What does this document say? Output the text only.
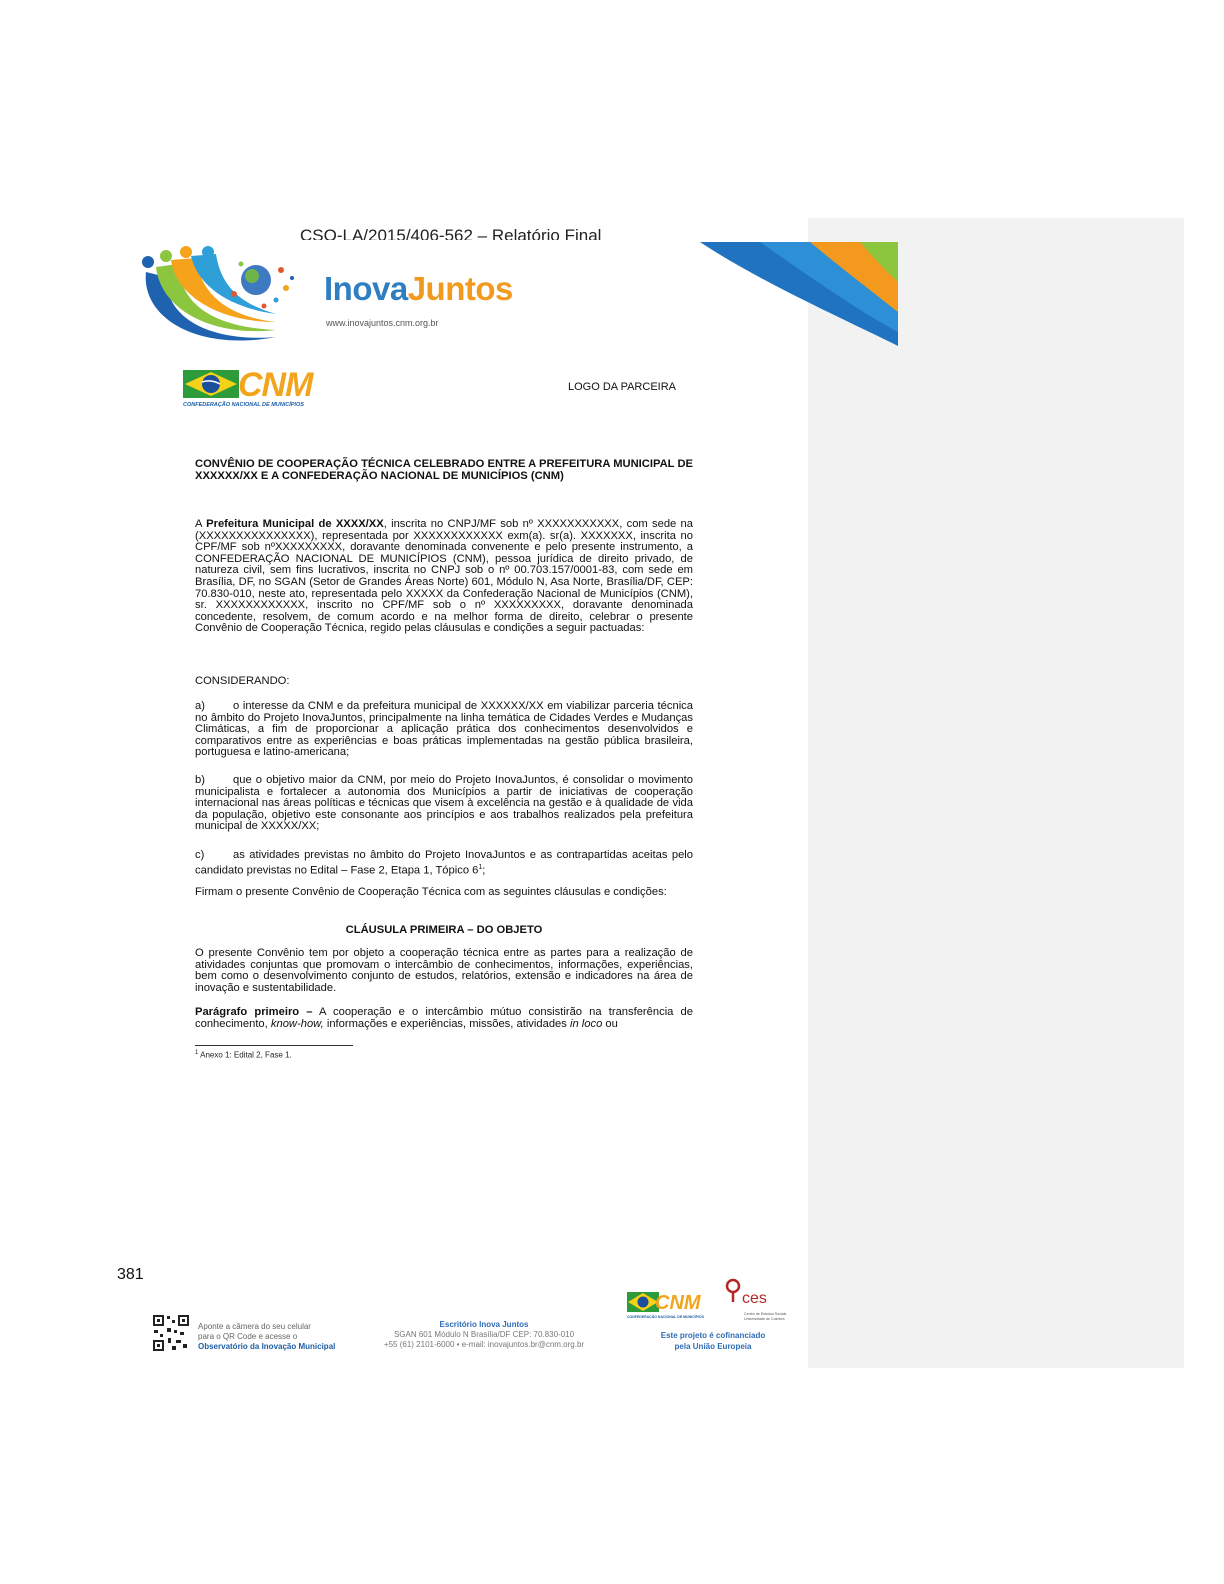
CSO-LA/2015/406-562 – Relatório Final
InovaJuntos
www.inovajuntos.cnm.org.br
CNM
CONFEDERAÇÃO NACIONAL DE MUNICÍPIOS
LOGO DA PARCEIRA
CONVÊNIO DE COOPERAÇÃO TÉCNICA CELEBRADO ENTRE A PREFEITURA MUNICIPAL DE XXXXXX/XX E A CONFEDERAÇÃO NACIONAL DE MUNICÍPIOS (CNM)
A Prefeitura Municipal de XXXX/XX, inscrita no CNPJ/MF sob nº XXXXXXXXXXX, com sede na (XXXXXXXXXXXXXXX), representada por XXXXXXXXXXXX exm(a). sr(a). XXXXXXX, inscrita no CPF/MF sob nºXXXXXXXXX, doravante denominada convenente e pelo presente instrumento, a CONFEDERAÇÃO NACIONAL DE MUNICÍPIOS (CNM), pessoa jurídica de direito privado, de natureza civil, sem fins lucrativos, inscrita no CNPJ sob o nº 00.703.157/0001-83, com sede em Brasília, DF, no SGAN (Setor de Grandes Áreas Norte) 601, Módulo N, Asa Norte, Brasília/DF, CEP: 70.830-010, neste ato, representada pelo XXXXX da Confederação Nacional de Municípios (CNM), sr. XXXXXXXXXXXX, inscrito no CPF/MF sob o nº XXXXXXXXX, doravante denominada concedente, resolvem, de comum acordo e na melhor forma de direito, celebrar o presente Convênio de Cooperação Técnica, regido pelas cláusulas e condições a seguir pactuadas:
CONSIDERANDO:
a)	o interesse da CNM e da prefeitura municipal de XXXXXX/XX em viabilizar parceria técnica no âmbito do Projeto InovaJuntos, principalmente na linha temática de Cidades Verdes e Mudanças Climáticas, a fim de proporcionar a aplicação prática dos conhecimentos desenvolvidos e comparativos entre as experiências e boas práticas implementadas na gestão pública brasileira, portuguesa e latino-americana;
b)	que o objetivo maior da CNM, por meio do Projeto InovaJuntos, é consolidar o movimento municipalista e fortalecer a autonomia dos Municípios a partir de iniciativas de cooperação internacional nas áreas políticas e técnicas que visem à excelência na gestão e à qualidade de vida da população, objetivo este consonante aos princípios e aos trabalhos realizados pela prefeitura municipal de XXXXX/XX;
c)	as atividades previstas no âmbito do Projeto InovaJuntos e as contrapartidas aceitas pelo candidato previstas no Edital – Fase 2, Etapa 1, Tópico $6^1$;
Firmam o presente Convênio de Cooperação Técnica com as seguintes cláusulas e condições:
CLÁUSULA PRIMEIRA – DO OBJETO
O presente Convênio tem por objeto a cooperação técnica entre as partes para a realização de atividades conjuntas que promovam o intercâmbio de conhecimentos, informações, experiências, bem como o desenvolvimento conjunto de estudos, relatórios, extensão e indicadores na área de inovação e sustentabilidade.
Parágrafo primeiro – A cooperação e o intercâmbio mútuo consistirão na transferência de conhecimento, know-how, informações e experiências, missões, atividades in loco ou
$^1$ Anexo 1: Edital 2, Fase 1.
381
Aponte a câmera do seu celular
para o QR Code e acesse o
Observatório da Inovação Municipal
Escritório Inova Juntos
SGAN 601 Módulo N Brasília/DF CEP: 70.830-010
+55 (61) 2101-6000 • e-mail: inovajuntos.br@cnm.org.br
CNM
CONFEDERAÇÃO NACIONAL DE MUNICÍPIOS
ces
Centro de Estudos Sociais
Universidade de Coimbra
Este projeto é cofinanciado
pela União Europeia
